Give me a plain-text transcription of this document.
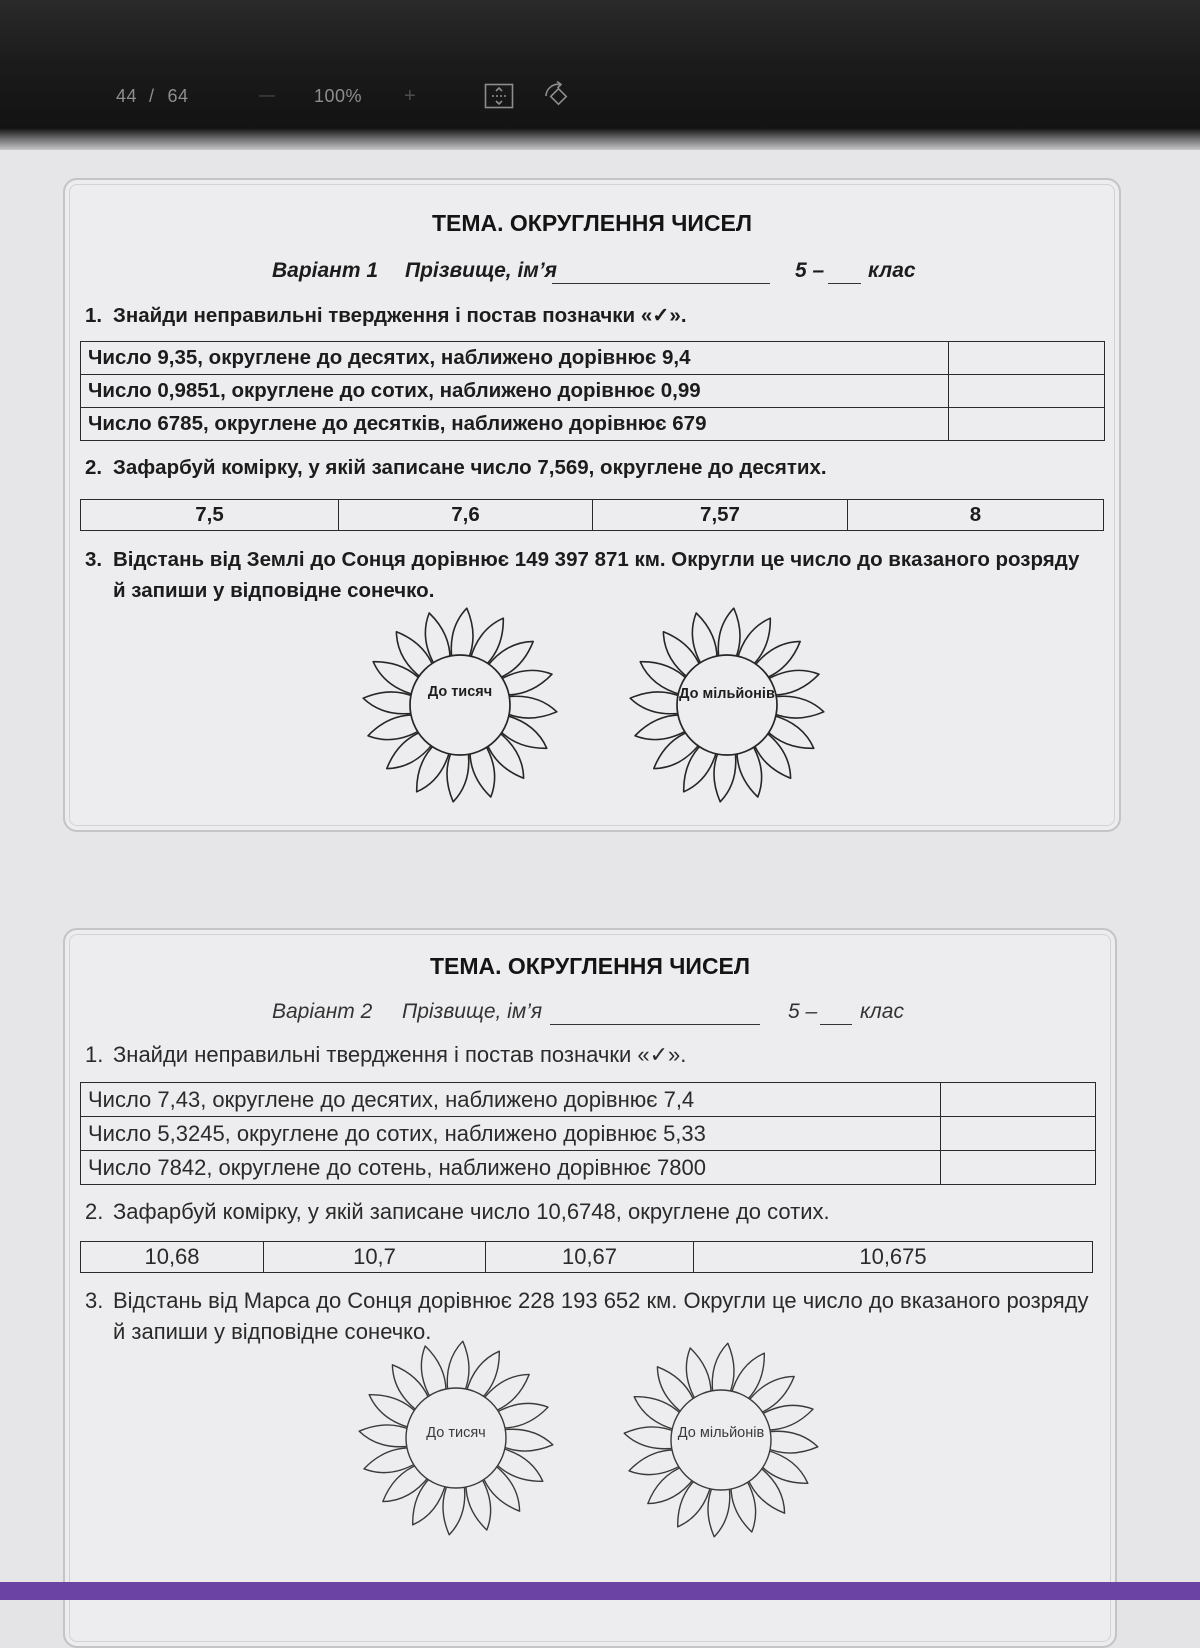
44 / 64	— 100% +
ТЕМА. ОКРУГЛЕННЯ ЧИСЕЛ
Варіант 1 Прізвище, ім’я	5 – клас
1. Знайди неправильні твердження і постав позначки «✓».
Число 9,35, округлене до десятих, наближено дорівнює 9,4	
Число 0,9851, округлене до сотих, наближено дорівнює 0,99	
Число 6785, округлене до десятків, наближено дорівнює 679	
2. Зафарбуй комірку, у якій записане число 7,569, округлене до десятих.
7,5	7,6	7,57	8
3. Відстань від Землі до Сонця дорівнює 149 397 871 км. Округли це число до вказаного розряду
й запиши у відповідне сонечко.
До тисяч	До мільйонів
ТЕМА. ОКРУГЛЕННЯ ЧИСЕЛ
Варіант 2 Прізвище, ім’я	5 – клас
1. Знайди неправильні твердження і постав позначки «✓».
Число 7,43, округлене до десятих, наближено дорівнює 7,4	
Число 5,3245, округлене до сотих, наближено дорівнює 5,33	
Число 7842, округлене до сотень, наближено дорівнює 7800	
2. Зафарбуй комірку, у якій записане число 10,6748, округлене до сотих.
10,68	10,7	10,67	10,675
3. Відстань від Марса до Сонця дорівнює 228 193 652 км. Округли це число до вказаного розряду
й запиши у відповідне сонечко.
До тисяч	До мільйонів
